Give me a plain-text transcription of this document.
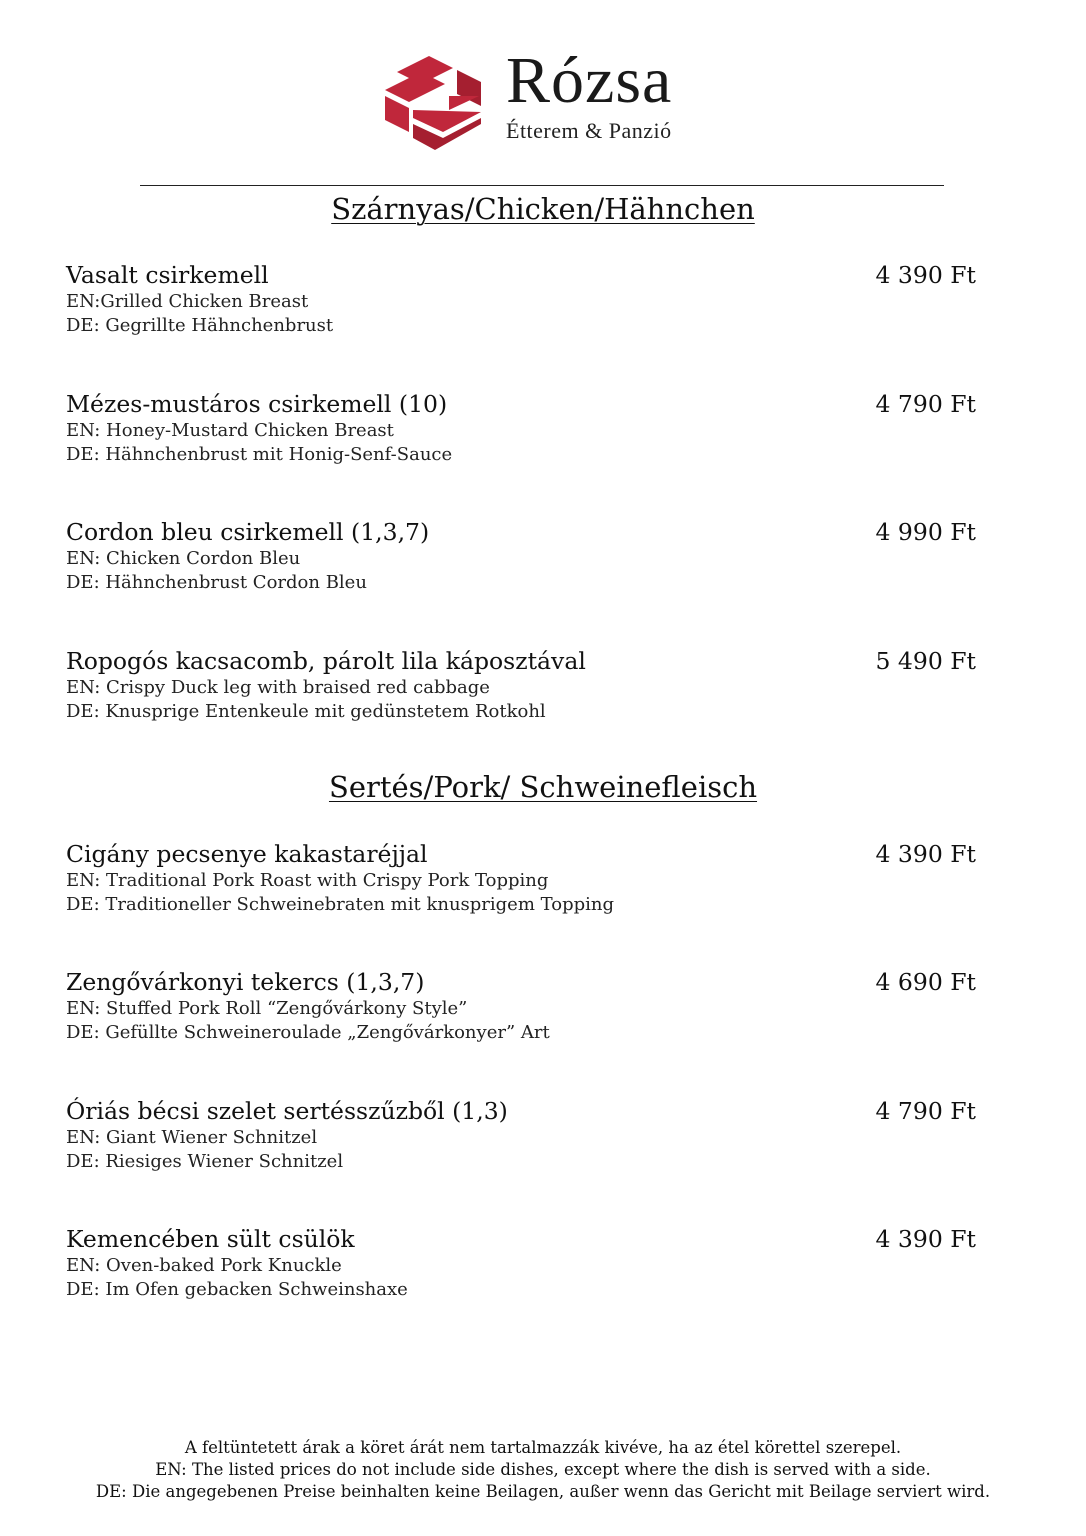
Rózsa
Étterem & Panzió
Szárnyas/Chicken/Hähnchen
Vasalt csirkemell	4 390 Ft
EN:Grilled Chicken Breast
DE: Gegrillte Hähnchenbrust
Mézes-mustáros csirkemell (10)	4 790 Ft
EN: Honey-Mustard Chicken Breast
DE: Hähnchenbrust mit Honig-Senf-Sauce
Cordon bleu csirkemell (1,3,7)	4 990 Ft
EN: Chicken Cordon Bleu
DE: Hähnchenbrust Cordon Bleu
Ropogós kacsacomb, párolt lila káposztával	5 490 Ft
EN: Crispy Duck leg with braised red cabbage
DE: Knusprige Entenkeule mit gedünstetem Rotkohl
Sertés/Pork/ Schweinefleisch
Cigány pecsenye kakastaréjjal	4 390 Ft
EN: Traditional Pork Roast with Crispy Pork Topping
DE: Traditioneller Schweinebraten mit knusprigem Topping
Zengővárkonyi tekercs (1,3,7)	4 690 Ft
EN: Stuffed Pork Roll “Zengővárkony Style”
DE: Gefüllte Schweineroulade „Zengővárkonyer” Art
Óriás bécsi szelet sertésszűzből (1,3)	4 790 Ft
EN: Giant Wiener Schnitzel
DE: Riesiges Wiener Schnitzel
Kemencében sült csülök	4 390 Ft
EN: Oven-baked Pork Knuckle
DE: Im Ofen gebacken Schweinshaxe
A feltüntetett árak a köret árát nem tartalmazzák kivéve, ha az étel körettel szerepel.
EN: The listed prices do not include side dishes, except where the dish is served with a side.
DE: Die angegebenen Preise beinhalten keine Beilagen, außer wenn das Gericht mit Beilage serviert wird.
